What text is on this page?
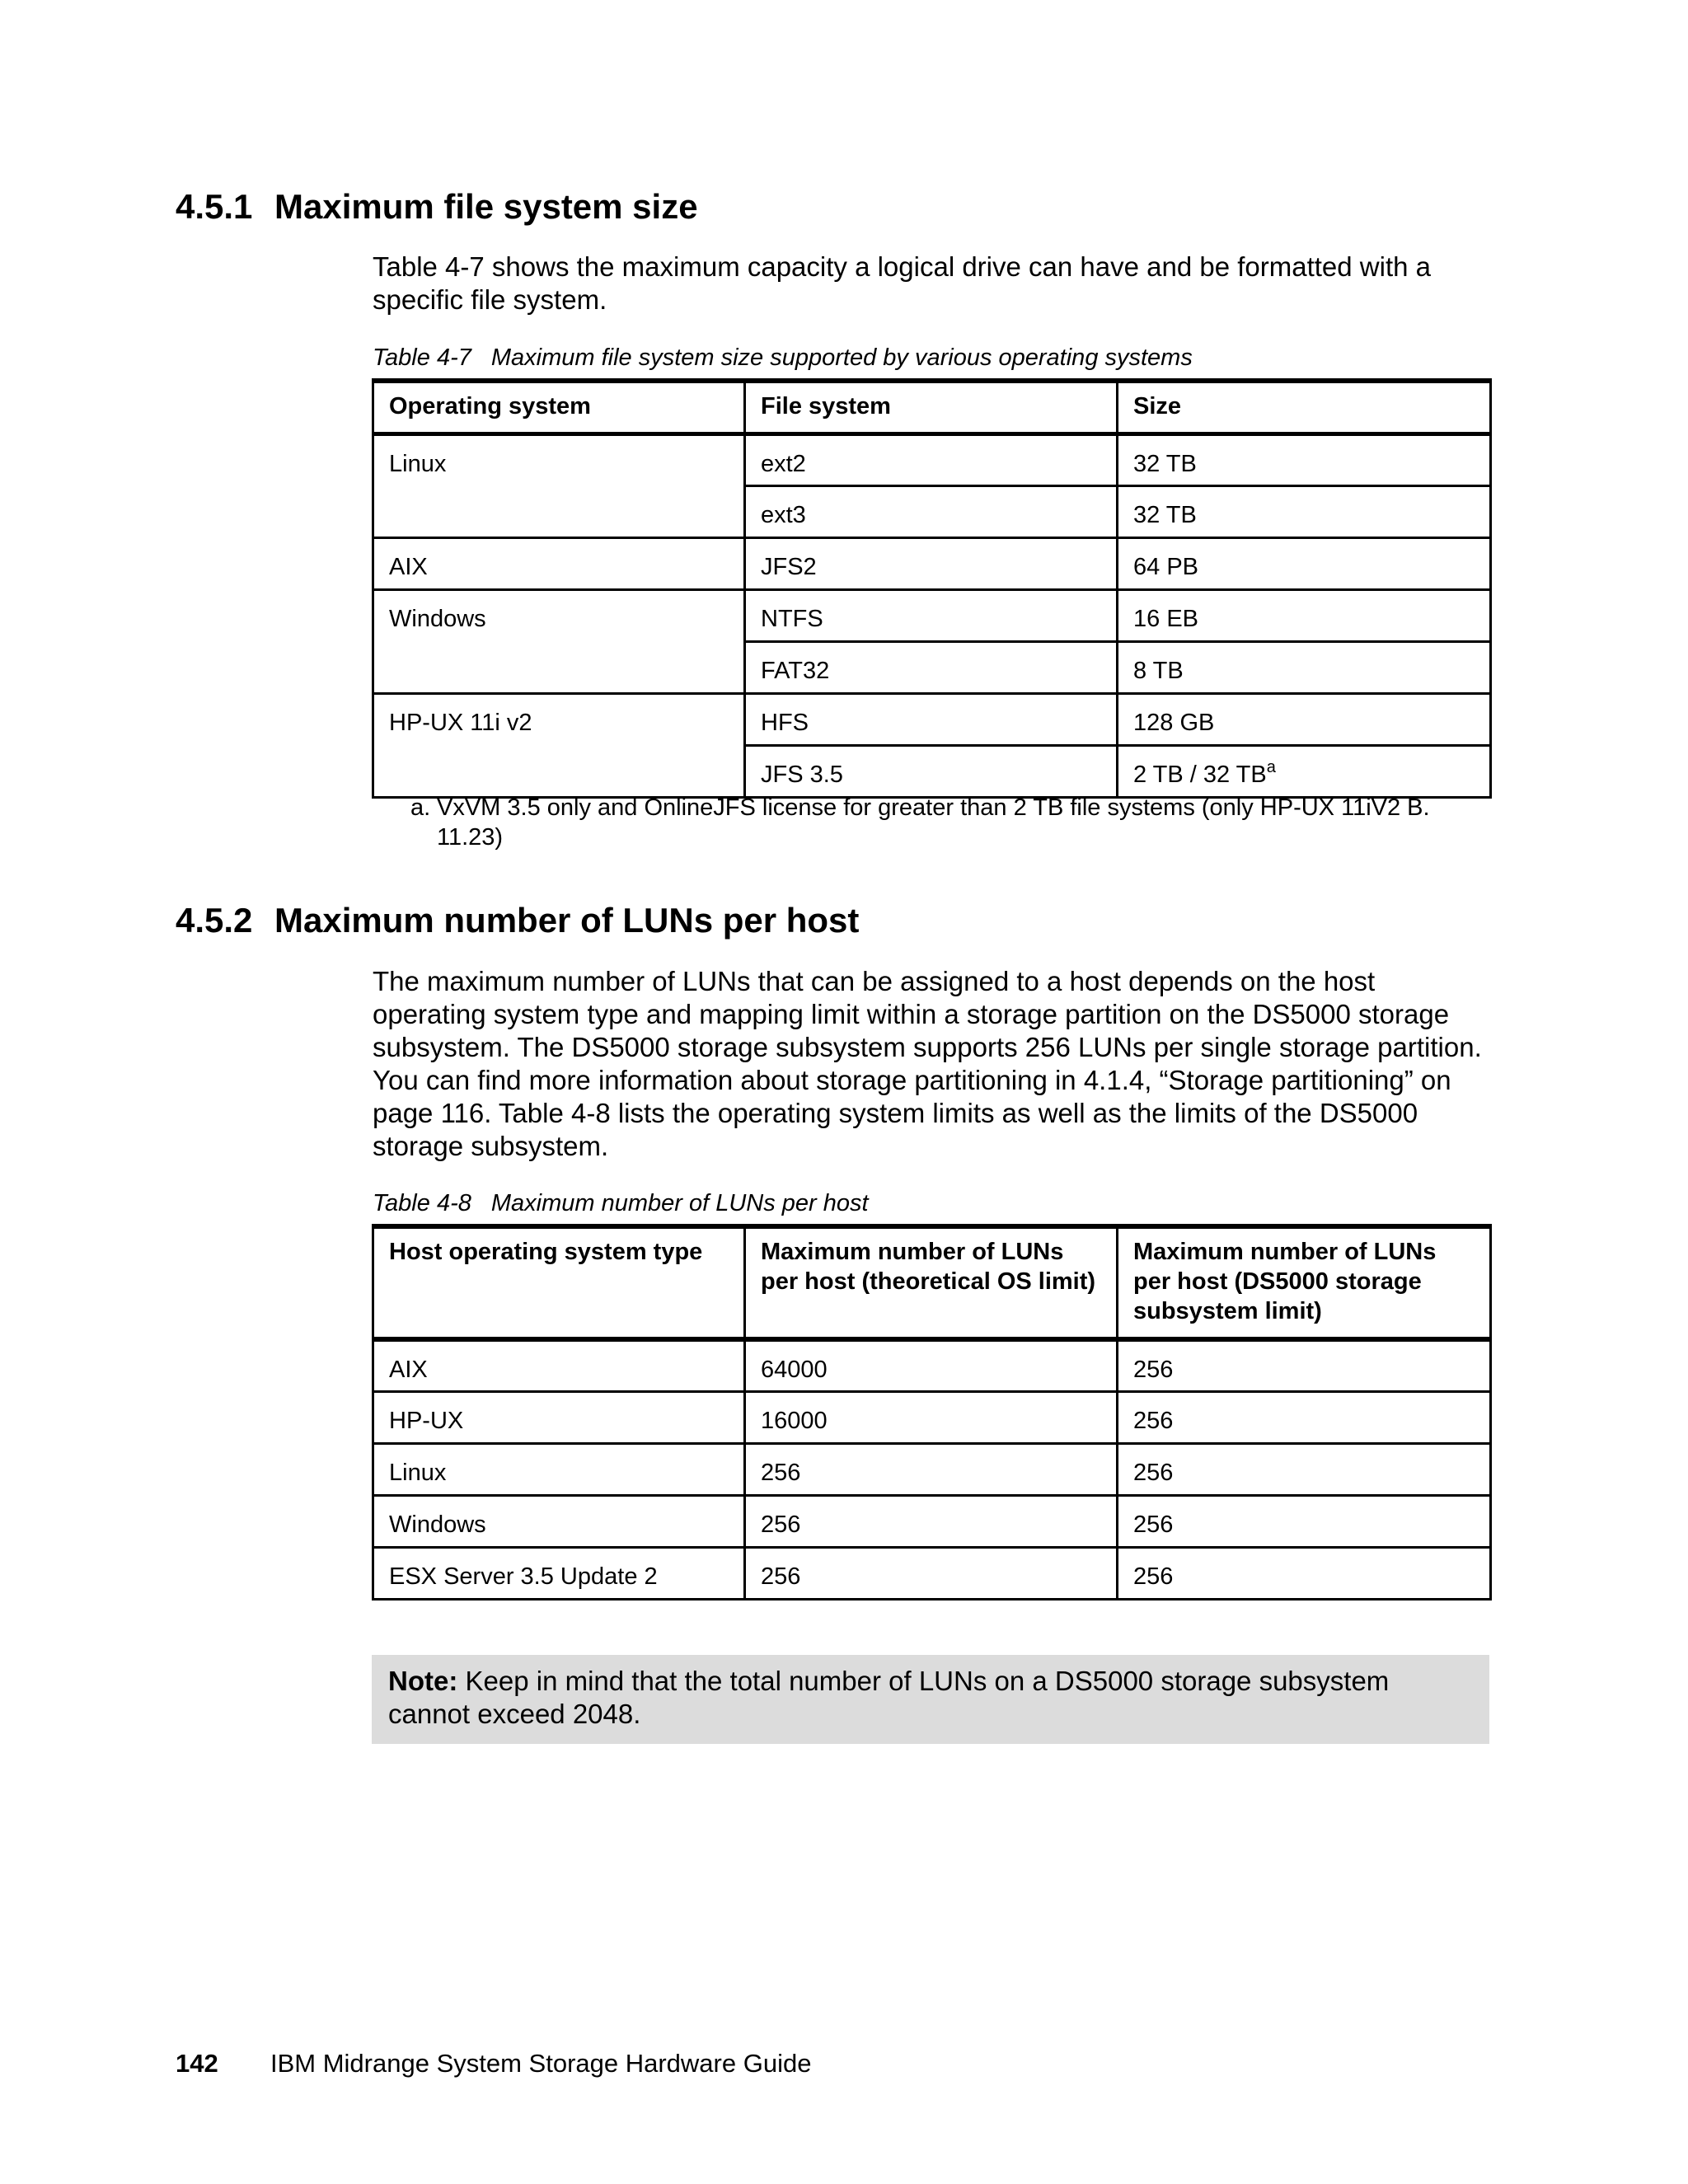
4.5.1 Maximum file system size

Table 4-7 shows the maximum capacity a logical drive can have and be formatted with a specific file system.

Table 4-7 Maximum file system size supported by various operating systems

Operating system	File system	Size
Linux	ext2	32 TB
	ext3	32 TB
AIX	JFS2	64 PB
Windows	NTFS	16 EB
	FAT32	8 TB
HP-UX 11i v2	HFS	128 GB
	JFS 3.5	2 TB / 32 $TB^a$

a. VxVM 3.5 only and OnlineJFS license for greater than 2 TB file systems (only HP-UX 11iV2 B. 11.23)

4.5.2 Maximum number of LUNs per host

The maximum number of LUNs that can be assigned to a host depends on the host operating system type and mapping limit within a storage partition on the DS5000 storage subsystem. The DS5000 storage subsystem supports 256 LUNs per single storage partition. You can find more information about storage partitioning in 4.1.4, “Storage partitioning” on page 116. Table 4-8 lists the operating system limits as well as the limits of the DS5000 storage subsystem.

Table 4-8 Maximum number of LUNs per host

Host operating system type	Maximum number of LUNs per host (theoretical OS limit)	Maximum number of LUNs per host (DS5000 storage subsystem limit)
AIX	64000	256
HP-UX	16000	256
Linux	256	256
Windows	256	256
ESX Server 3.5 Update 2	256	256
Note: Keep in mind that the total number of LUNs on a DS5000 storage subsystem cannot exceed 2048.

142 IBM Midrange System Storage Hardware Guide
